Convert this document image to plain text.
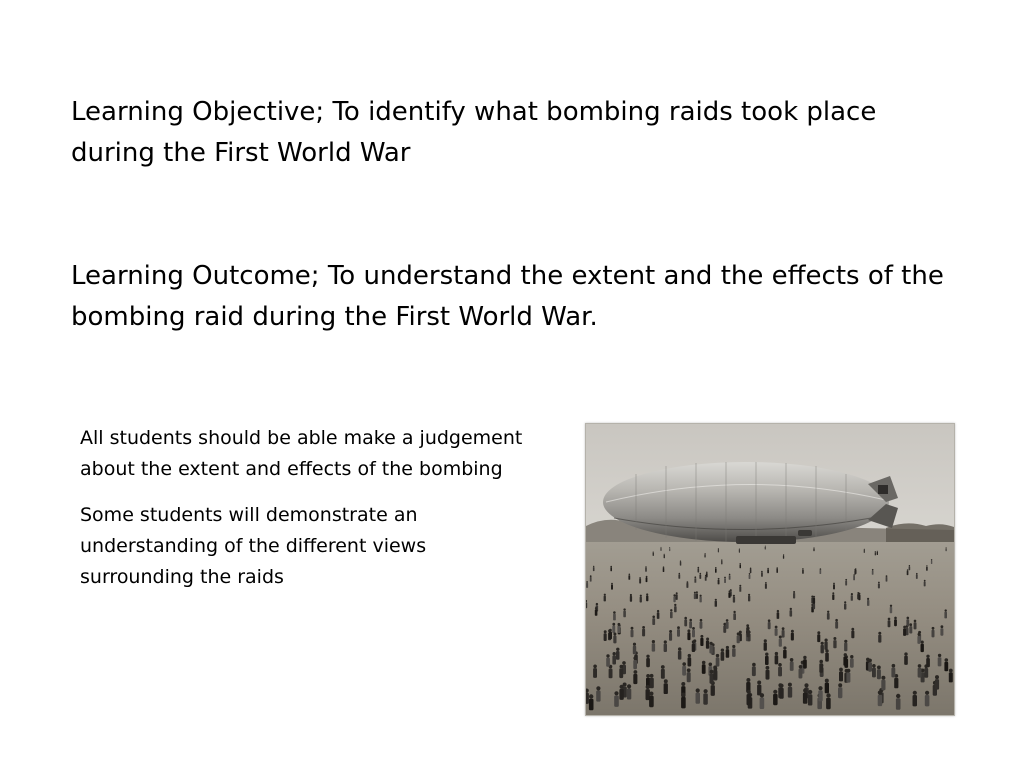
Learning Objective; To identify what bombing raids took place during the First World War
Learning Outcome; To understand the extent and the effects of the bombing raid during the First World War.

All students should be able make a judgement about the extent and effects of the bombing

Some students will demonstrate an understanding of the different views surrounding the raids
